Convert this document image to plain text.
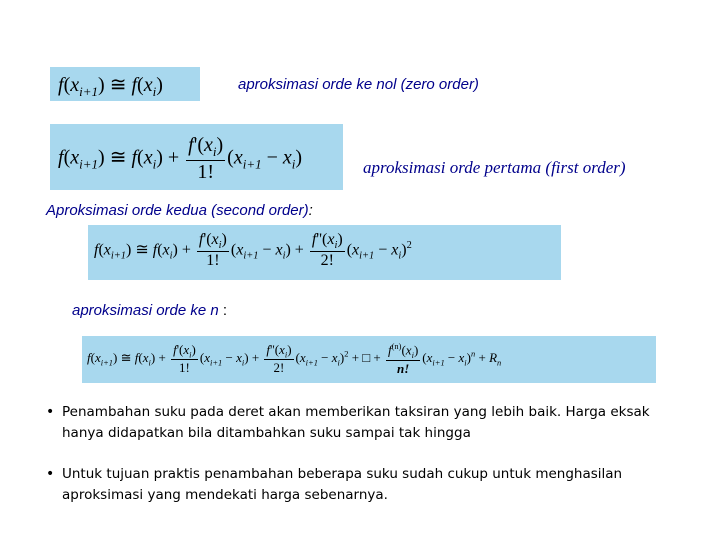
$f(x_{i+1})$ ≅ $f(x_i)$	aproksimasi orde ke nol (zero order)
$f(x_{i+1})$ ≅ $f(x_i) + \frac{f'(x_i)}{1!} (x_{i+1} - x_i)$	aproksimasi orde pertama (first order)
Aproksimasi orde kedua (second order):
$f(x_{i+1})$ ≅ $f(x_i) + \frac{f'(x_i)}{1!} (x_{i+1} - x_i) + \frac{f''(x_i)}{2!} (x_{i+1} - x_i)^2$
aproksimasi orde ke n :
$f(x_{i+1})$ ≅ $f(x_i) + \frac{f'(x_i)}{1!} (x_{i+1} - x_i) + \frac{f''(x_i)}{2!} (x_{i+1} - x_i)^2$ + □ + $\frac{f^{(n)}(x_i)}{n!} (x_{i+1} - x_i)^n + R_n$
• Penambahan suku pada deret akan memberikan taksiran yang lebih baik. Harga eksak hanya didapatkan bila ditambahkan suku sampai tak hingga
• Untuk tujuan praktis penambahan beberapa suku sudah cukup untuk menghasilan aproksimasi yang mendekati harga sebenarnya.
